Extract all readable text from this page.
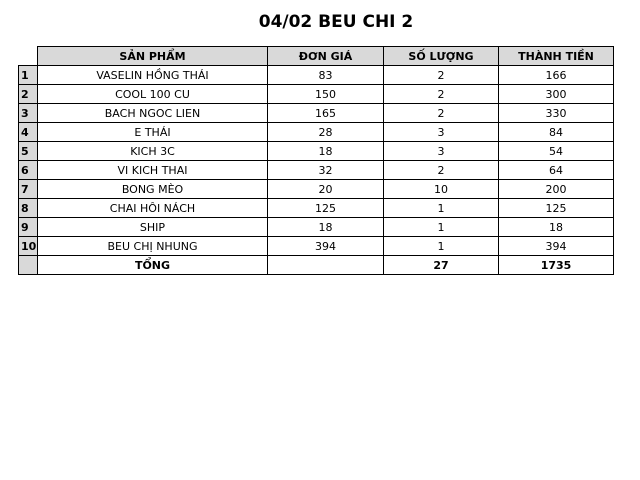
04/02 BEU CHI 2
	SẢN PHẨM	ĐƠN GIÁ	SỐ LƯỢNG	THÀNH TIỀN
1	VASELIN HỒNG THÁI	83	2	166
2	COOL 100 CU	150	2	300
3	BACH NGOC LIEN	165	2	330
4	E THÁI	28	3	84
5	KICH 3C	18	3	54
6	VI KICH THAI	32	2	64
7	BONG MÈO	20	10	200
8	CHAI HÔI NÁCH	125	1	125
9	SHIP	18	1	18
10	BEU CHỊ NHUNG	394	1	394
	TỔNG		27	1735
